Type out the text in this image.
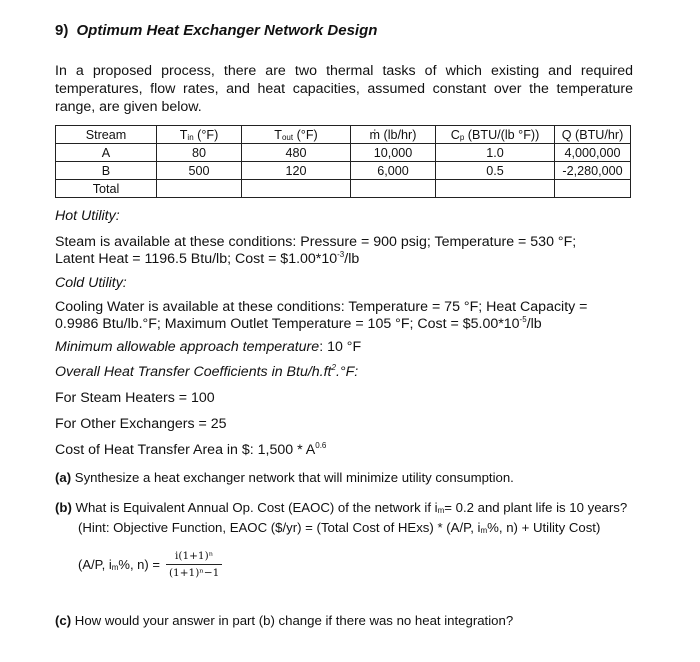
9) Optimum Heat Exchanger Network Design
In a proposed process, there are two thermal tasks of which existing and required temperatures, flow rates, and heat capacities, assumed constant over the temperature range, are given below.
Stream	Tin (°F)	Tout (°F)	ṁ (lb/hr)	Cp (BTU/(lb °F))	Q (BTU/hr)
A	80	480	10,000	1.0	4,000,000
B	500	120	6,000	0.5	-2,280,000
Total					
Hot Utility:
Steam is available at these conditions: Pressure = 900 psig; Temperature = 530 °F;
Latent Heat = 1196.5 Btu/lb; Cost = $\$1.00*10^{-3}/lb$
Cold Utility:
Cooling Water is available at these conditions: Temperature = 75 °F; Heat Capacity =
0.9986 Btu/lb.°F; Maximum Outlet Temperature = 105 °F; Cost = $\$5.00*10^{-5}/lb$
Minimum allowable approach temperature: 10 °F
Overall Heat Transfer Coefficients in Btu/$h.ft^2.^\circ F$:
For Steam Heaters = 100
For Other Exchangers = 25
Cost of Heat Transfer Area in $: $1,500 * A^{0.6}$
(a) Synthesize a heat exchanger network that will minimize utility consumption.
(b) What is Equivalent Annual Op. Cost (EAOC) of the network if im= 0.2 and plant life is 10 years?
(Hint: Objective Function, EAOC ($/yr) = (Total Cost of HExs) * (A/P, im%, n) + Utility Cost)
(A/P, im%, $n) = \frac{\text{i(1+1)ⁿ}}{\text{(1+1)ⁿ−1}}$
(c) How would your answer in part (b) change if there was no heat integration?
